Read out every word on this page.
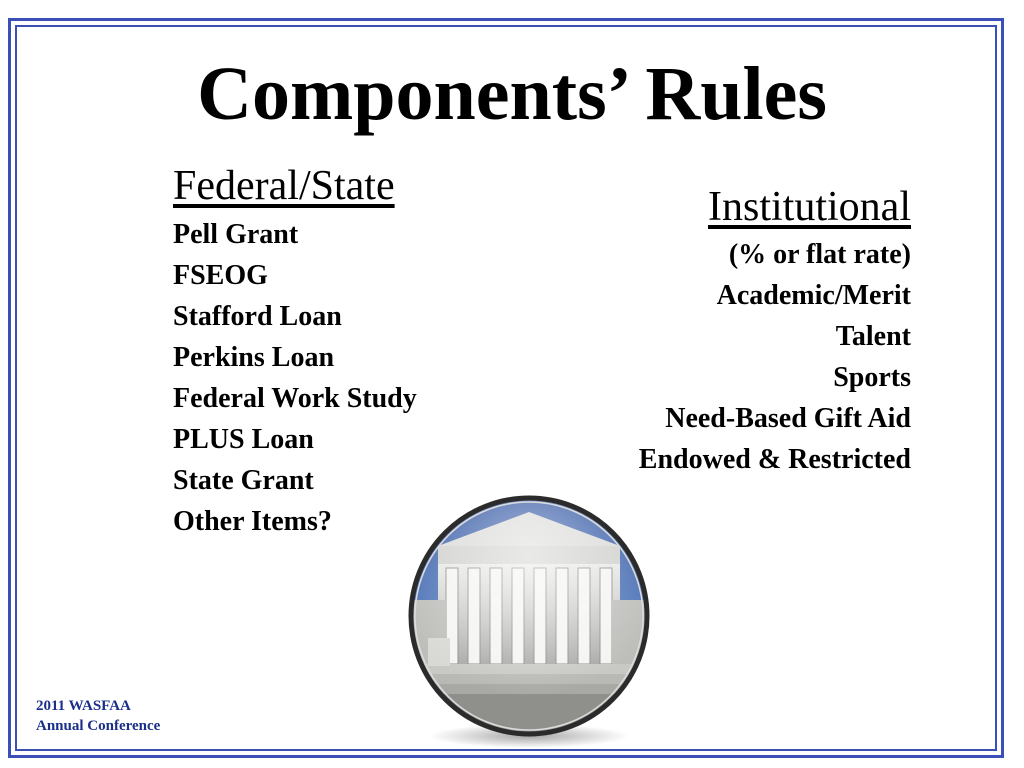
Components’ Rules
Federal/State
Pell Grant
FSEOG
Stafford Loan
Perkins Loan
Federal Work Study
PLUS Loan
State Grant
Other Items?
Institutional
(% or flat rate)
Academic/Merit
Talent
Sports
Need-Based Gift Aid
Endowed & Restricted
2011 WASFAA
Annual Conference
